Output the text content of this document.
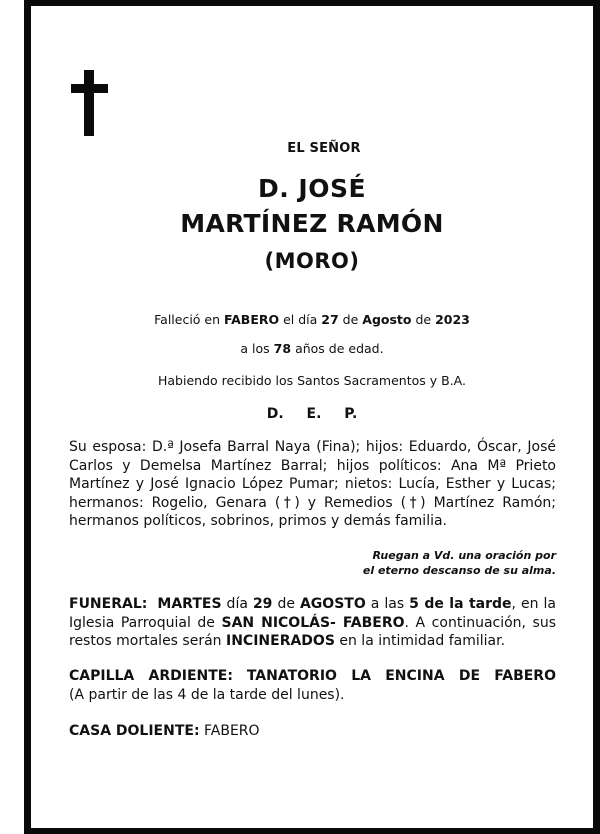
EL SEÑOR
D. JOSÉ
MARTÍNEZ RAMÓN
(MORO)
Falleció en FABERO el día 27 de Agosto de 2023
a los 78 años de edad.
Habiendo recibido los Santos Sacramentos y B.A.
D. E. P.
Su esposa: D.ª Josefa Barral Naya (Fina); hijos: Eduardo, Óscar, José Carlos y Demelsa Martínez Barral; hijos políticos: Ana Mª Prieto Martínez y José Ignacio López Pumar; nietos: Lucía, Esther y Lucas; hermanos: Rogelio, Genara (†) y Remedios (†) Martínez Ramón; hermanos políticos, sobrinos, primos y demás familia.
Ruegan a Vd. una oración por
el eterno descanso de su alma.
FUNERAL: MARTES día 29 de AGOSTO a las 5 de la tarde, en la Iglesia Parroquial de SAN NICOLÁS- FABERO. A continuación, sus restos mortales serán INCINERADOS en la intimidad familiar.
CAPILLA ARDIENTE: TANATORIO LA ENCINA DE FABERO
(A partir de las 4 de la tarde del lunes).
CASA DOLIENTE: FABERO
